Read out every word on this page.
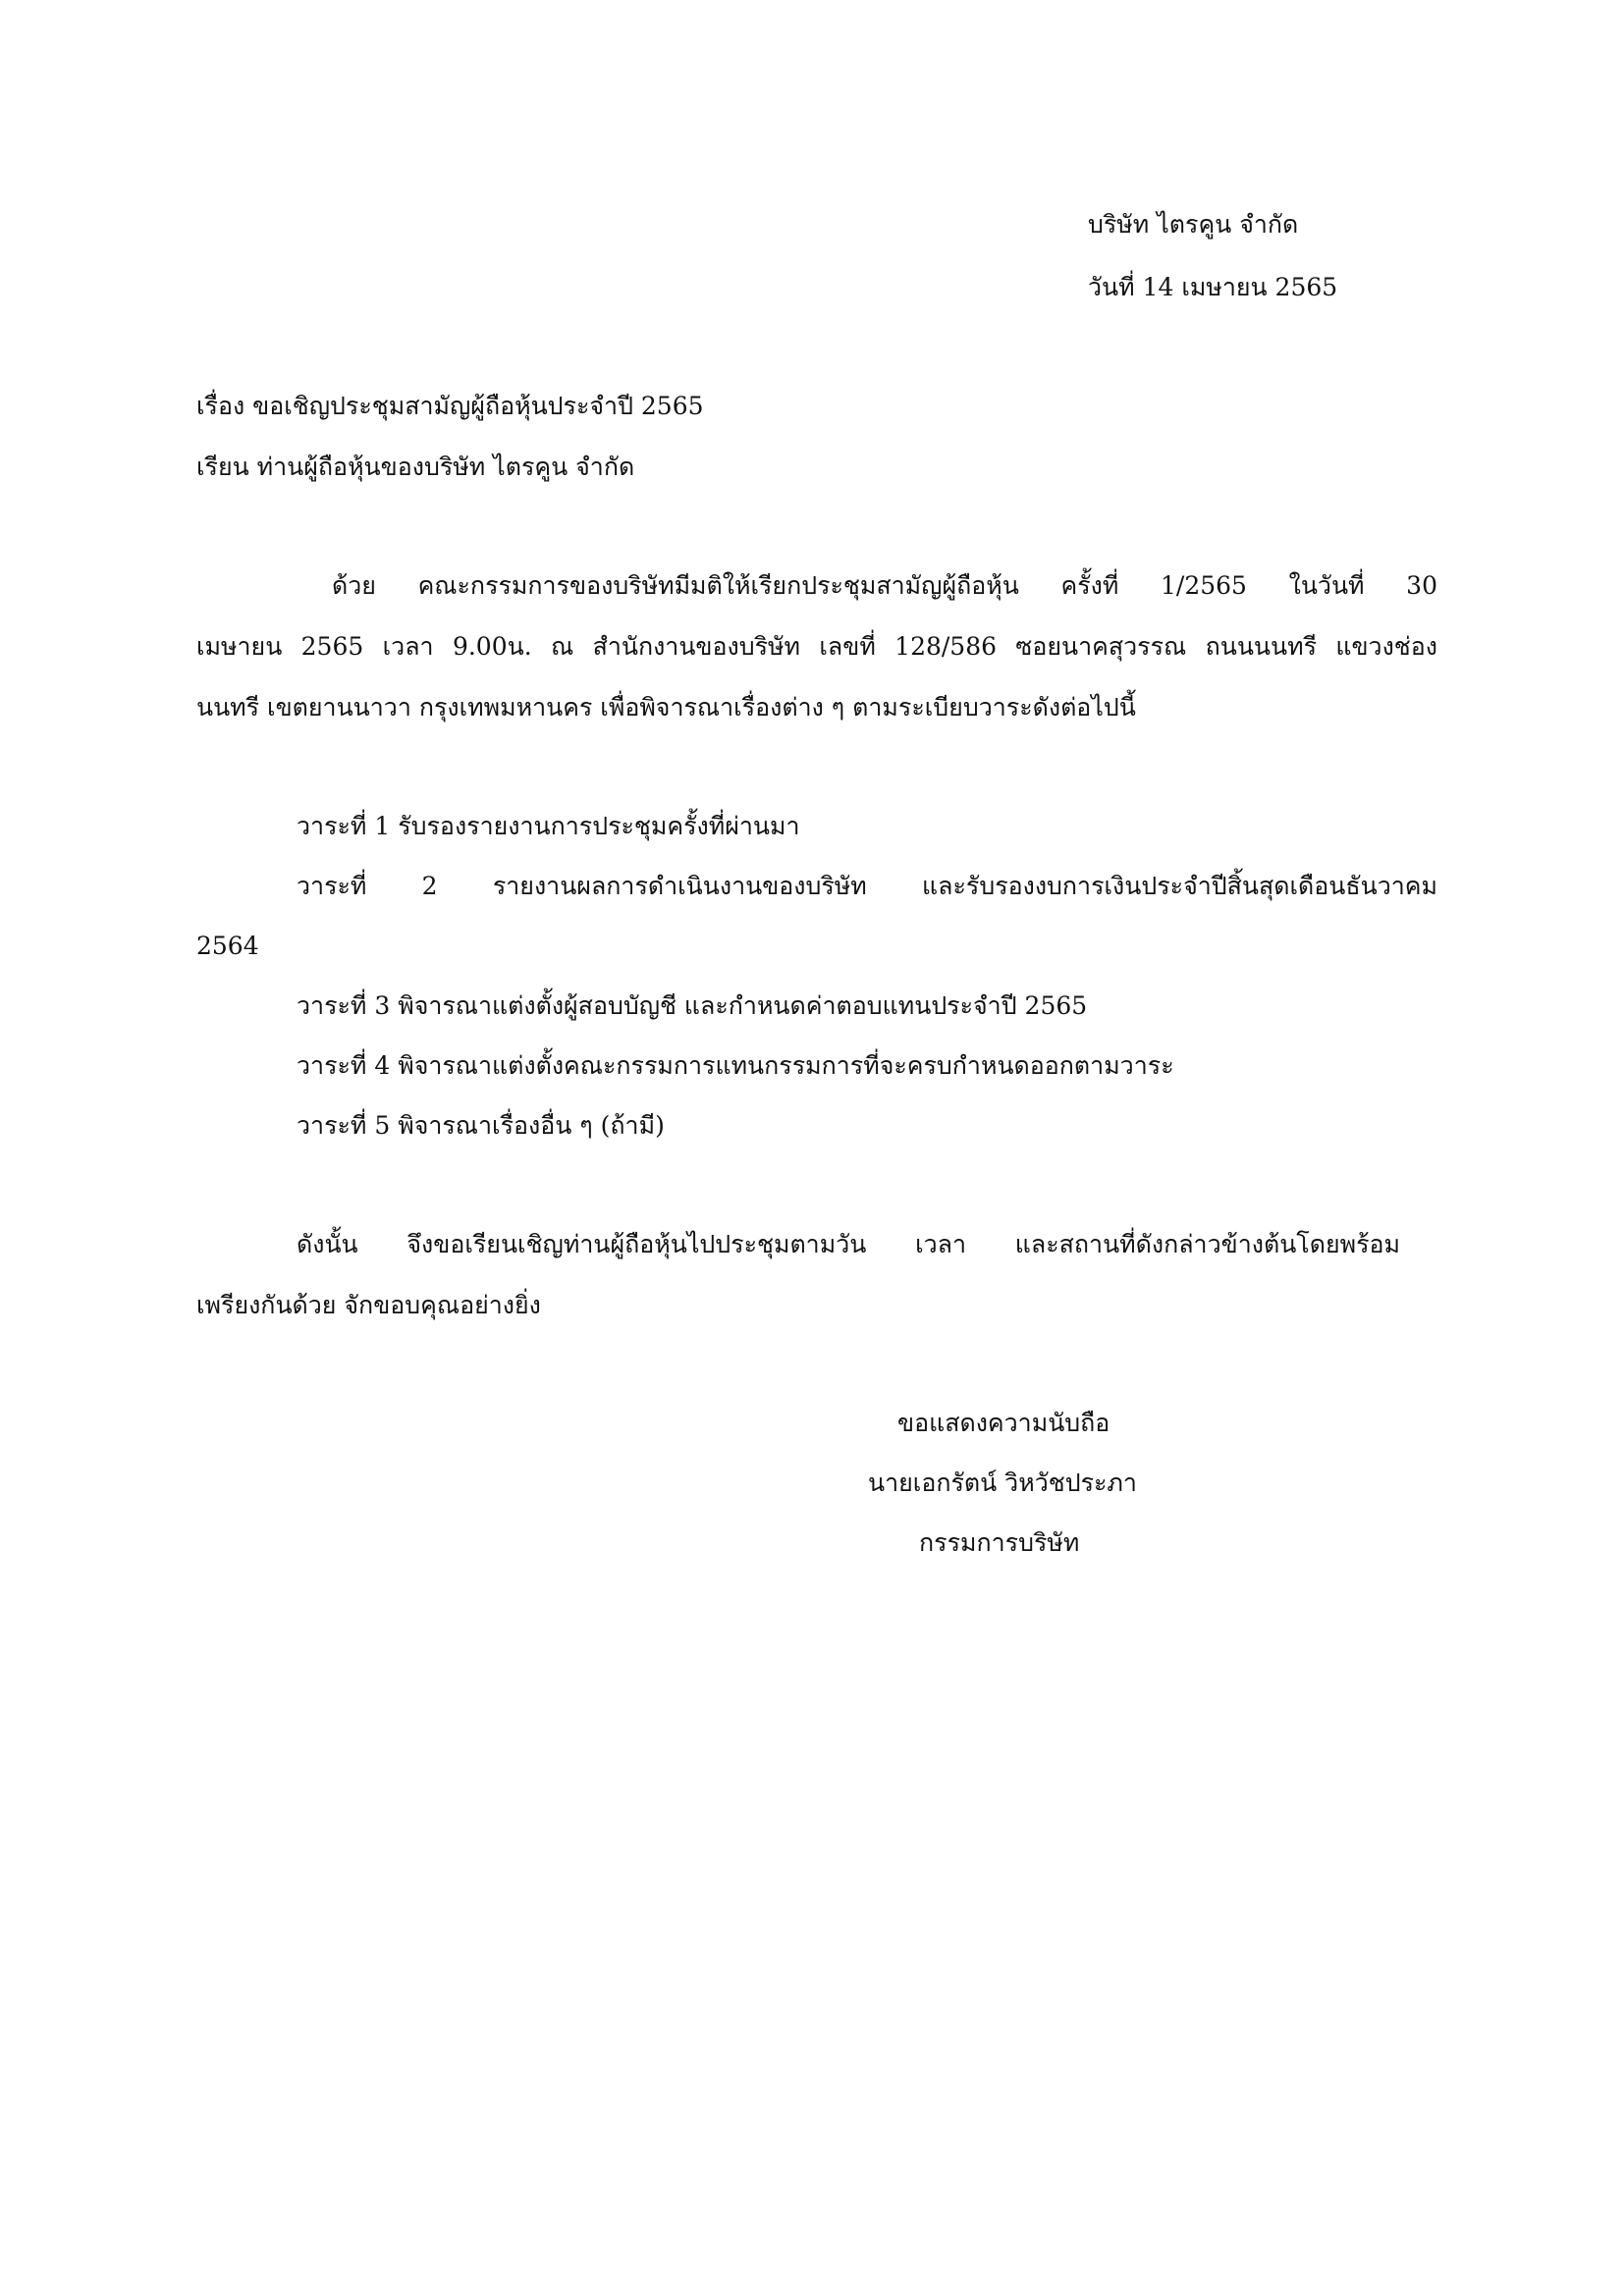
บริษัท ไตรคูน จำกัด
วันที่ 14 เมษายน 2565
เรื่อง ขอเชิญประชุมสามัญผู้ถือหุ้นประจำปี 2565
เรียน ท่านผู้ถือหุ้นของบริษัท ไตรคูน จำกัด
ด้วย คณะกรรมการของบริษัทมีมติให้เรียกประชุมสามัญผู้ถือหุ้น ครั้งที่ 1/2565 ในวันที่ 30
เมษายน 2565 เวลา 9.00น. ณ สำนักงานของบริษัท เลขที่ 128/586 ซอยนาคสุวรรณ ถนนนนทรี แขวงช่อง
นนทรี เขตยานนาวา กรุงเทพมหานคร เพื่อพิจารณาเรื่องต่าง ๆ ตามระเบียบวาระดังต่อไปนี้
วาระที่ 1 รับรองรายงานการประชุมครั้งที่ผ่านมา
วาระที่ 2 รายงานผลการดำเนินงานของบริษัท และรับรองงบการเงินประจำปีสิ้นสุดเดือนธันวาคม
2564
วาระที่ 3 พิจารณาแต่งตั้งผู้สอบบัญชี และกำหนดค่าตอบแทนประจำปี 2565
วาระที่ 4 พิจารณาแต่งตั้งคณะกรรมการแทนกรรมการที่จะครบกำหนดออกตามวาระ
วาระที่ 5 พิจารณาเรื่องอื่น ๆ (ถ้ามี)
ดังนั้น จึงขอเรียนเชิญท่านผู้ถือหุ้นไปประชุมตามวัน เวลา และสถานที่ดังกล่าวข้างต้นโดยพร้อม
เพรียงกันด้วย จักขอบคุณอย่างยิ่ง
ขอแสดงความนับถือ
นายเอกรัตน์ วิหวัชประภา
กรรมการบริษัท
